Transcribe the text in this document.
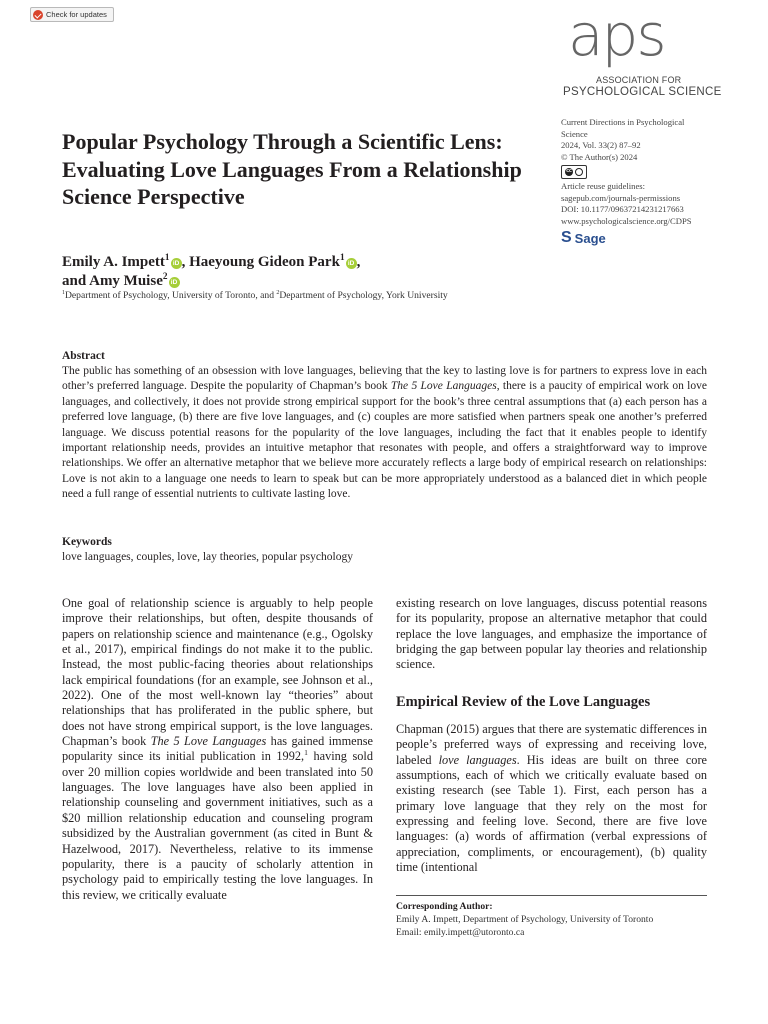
Check for updates	aps
ASSOCIATION FOR
PSYCHOLOGICAL SCIENCE
Popular Psychology Through a Scientific Lens: Evaluating Love Languages From a Relationship Science Perspective
Current Directions in Psychological Science
2024, Vol. 33(2) 87–92
© The Author(s) 2024
cc
Article reuse guidelines:
sagepub.com/journals-permissions
DOI: 10.1177/09637214231217663
www.psychologicalscience.org/CDPS
S Sage
Emily A. Impett$^1$iD , Haeyoung Gideon Park$^1$iD ,
and Amy Muise$^2$iD
$^1$Department of Psychology, University of Toronto, and $^2$Department of Psychology, York University
Abstract
The public has something of an obsession with love languages, believing that the key to lasting love is for partners to express love in each other’s preferred language. Despite the popularity of Chapman’s book The 5 Love Languages, there is a paucity of empirical work on love languages, and collectively, it does not provide strong empirical support for the book’s three central assumptions that (a) each person has a preferred love language, (b) there are five love languages, and (c) couples are more satisfied when partners speak one another’s preferred language. We discuss potential reasons for the popularity of the love languages, including the fact that it enables people to identify important relationship needs, provides an intuitive metaphor that resonates with people, and offers a straightforward way to improve relationships. We offer an alternative metaphor that we believe more accurately reflects a large body of empirical research on relationships: Love is not akin to a language one needs to learn to speak but can be more appropriately understood as a balanced diet in which people need a full range of essential nutrients to cultivate lasting love.
Keywords
love languages, couples, love, lay theories, popular psychology
One goal of relationship science is arguably to help people improve their relationships, but often, despite thousands of papers on relationship science and maintenance (e.g., Ogolsky et al., 2017), empirical findings do not make it to the public. Instead, the most public-facing theories about relationships lack empirical foundations (for an example, see Johnson et al., 2022). One of the most well-known lay “theories” about relationships that has proliferated in the public sphere, but does not have strong empirical support, is the love languages. Chapman’s book The 5 Love Languages has gained immense popularity since its initial publication in 1992,$^1$ having sold over 20 million copies worldwide and been translated into 50 languages. The love languages have also been applied in relationship counseling and government initiatives, such as a $20 million relationship education and counseling program subsidized by the Australian government (as cited in Bunt & Hazelwood, 2017). Nevertheless, relative to its immense popularity, there is a paucity of scholarly attention in psychology paid to empirically testing the love languages. In this review, we critically evaluate
existing research on love languages, discuss potential reasons for its popularity, propose an alternative metaphor that could replace the love languages, and emphasize the importance of bridging the gap between popular lay theories and relationship science.
Empirical Review of the Love Languages
Chapman (2015) argues that there are systematic differences in people’s preferred ways of expressing and receiving love, labeled love languages. His ideas are built on three core assumptions, each of which we critically evaluate based on existing research (see Table 1). First, each person has a primary love language that they rely on the most for expressing and feeling love. Second, there are five love languages: (a) words of affirmation (verbal expressions of appreciation, compliments, or encouragement), (b) quality time (intentional
Corresponding Author:
Emily A. Impett, Department of Psychology, University of Toronto
Email: emily.impett@utoronto.ca
